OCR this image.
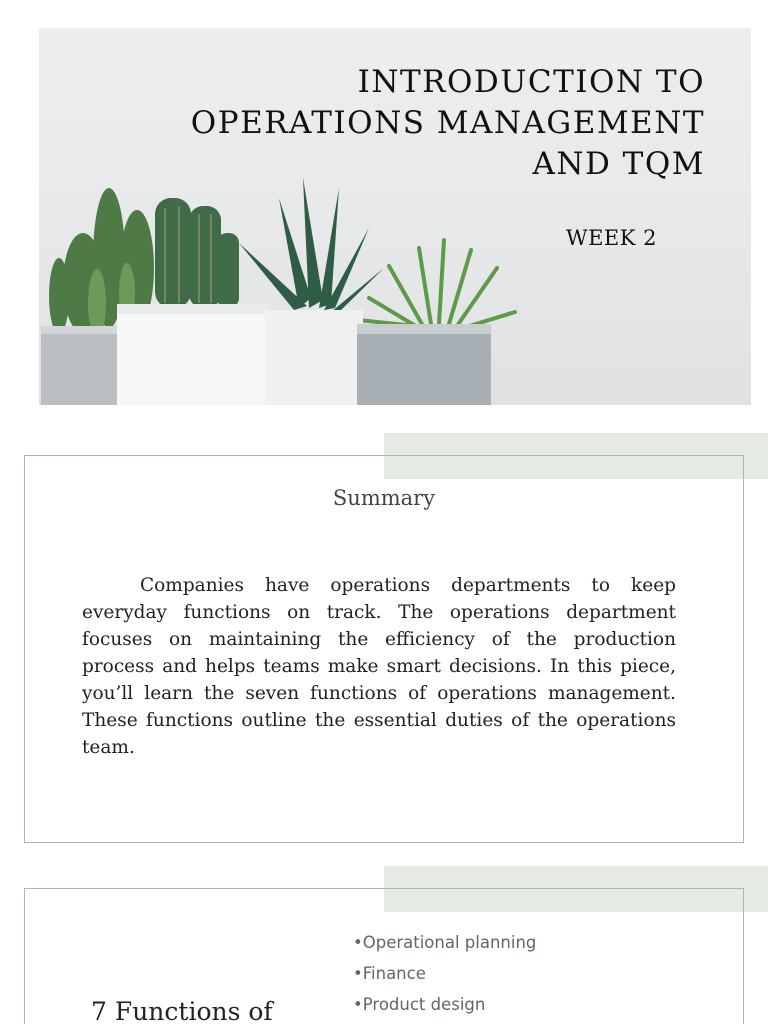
INTRODUCTION TO OPERATIONS MANAGEMENT AND TQM
WEEK 2
Summary

Companies have operations departments to keep everyday functions on track. The operations department focuses on maintaining the efficiency of the production process and helps teams make smart decisions. In this piece, you’ll learn the seven functions of operations management. These functions outline the essential duties of the operations team.

•Operational planning
•Finance
•Product design
7 Functions of
